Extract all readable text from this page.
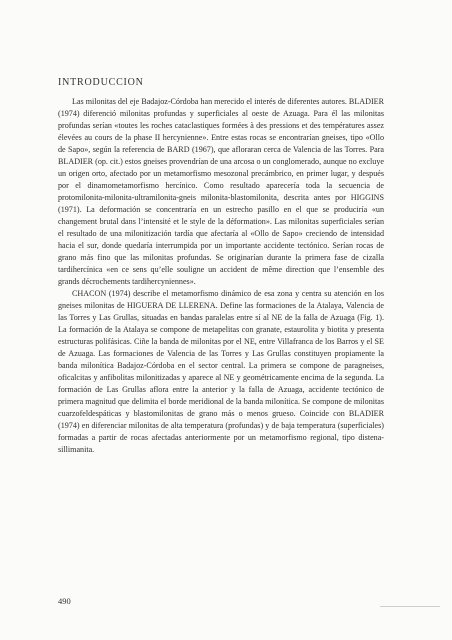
INTRODUCCION

Las milonitas del eje Badajoz-Córdoba han merecido el interés de diferentes autores. BLADIER (1974) diferenció milonitas profundas y superficiales al oeste de Azuaga. Para él las milonitas profundas serían «toutes les roches cataclastiques formées à des pressions et des températures assez élevées au cours de la phase II hercynienne». Entre estas rocas se encontrarían gneises, tipo «Ollo de Sapo», según la referencia de BARD (1967), que afloraran cerca de Valencia de las Torres. Para BLADIER (op. cit.) estos gneises provendrían de una arcosa o un conglomerado, aunque no excluye un origen orto, afectado por un metamorfismo mesozonal precámbrico, en primer lugar, y después por el dinamometamorfismo hercínico. Como resultado aparecería toda la secuencia de protomilonita-milonita-ultramilonita-gneis milonita-blastomilonita, descrita antes por HIGGINS (1971). La deformación se concentraría en un estrecho pasillo en el que se produciría «un changement brutal dans l’intensité et le style de la déformation». Las milonitas superficiales serían el resultado de una milonitización tardía que afectaría al «Ollo de Sapo» creciendo de intensidad hacia el sur, donde quedaría interrumpida por un importante accidente tectónico. Serían rocas de grano más fino que las milonitas profundas. Se originarían durante la primera fase de cizalla tardihercínica «en ce sens qu’elle souligne un accident de même direction que l’ensemble des grands décrochements tardihercyniennes».

CHACON (1974) describe el metamorfismo dinámico de esa zona y centra su atención en los gneises milonitas de HIGUERA DE LLERENA. Define las formaciones de la Atalaya, Valencia de las Torres y Las Grullas, situadas en bandas paralelas entre sí al NE de la falla de Azuaga (Fig. 1). La formación de la Atalaya se compone de metapelitas con granate, estaurolita y biotita y presenta estructuras polifásicas. Ciñe la banda de milonitas por el NE, entre Villafranca de los Barros y el SE de Azuaga. Las formaciones de Valencia de las Torres y Las Grullas constituyen propiamente la banda milonítica Badajoz-Córdoba en el sector central. La primera se compone de paragneises, oficalcitas y anfibolitas milonitizadas y aparece al NE y geométricamente encima de la segunda. La formación de Las Grullas aflora entre la anterior y la falla de Azuaga, accidente tectónico de primera magnitud que delimita el borde meridional de la banda milonítica. Se compone de milonitas cuarzofeldespáticas y blastomilonitas de grano más o menos grueso. Coincide con BLADIER (1974) en diferenciar milonitas de alta temperatura (profundas) y de baja temperatura (superficiales) formadas a partir de rocas afectadas anteriormente por un metamorfismo regional, tipo distena-sillimanita.

490
